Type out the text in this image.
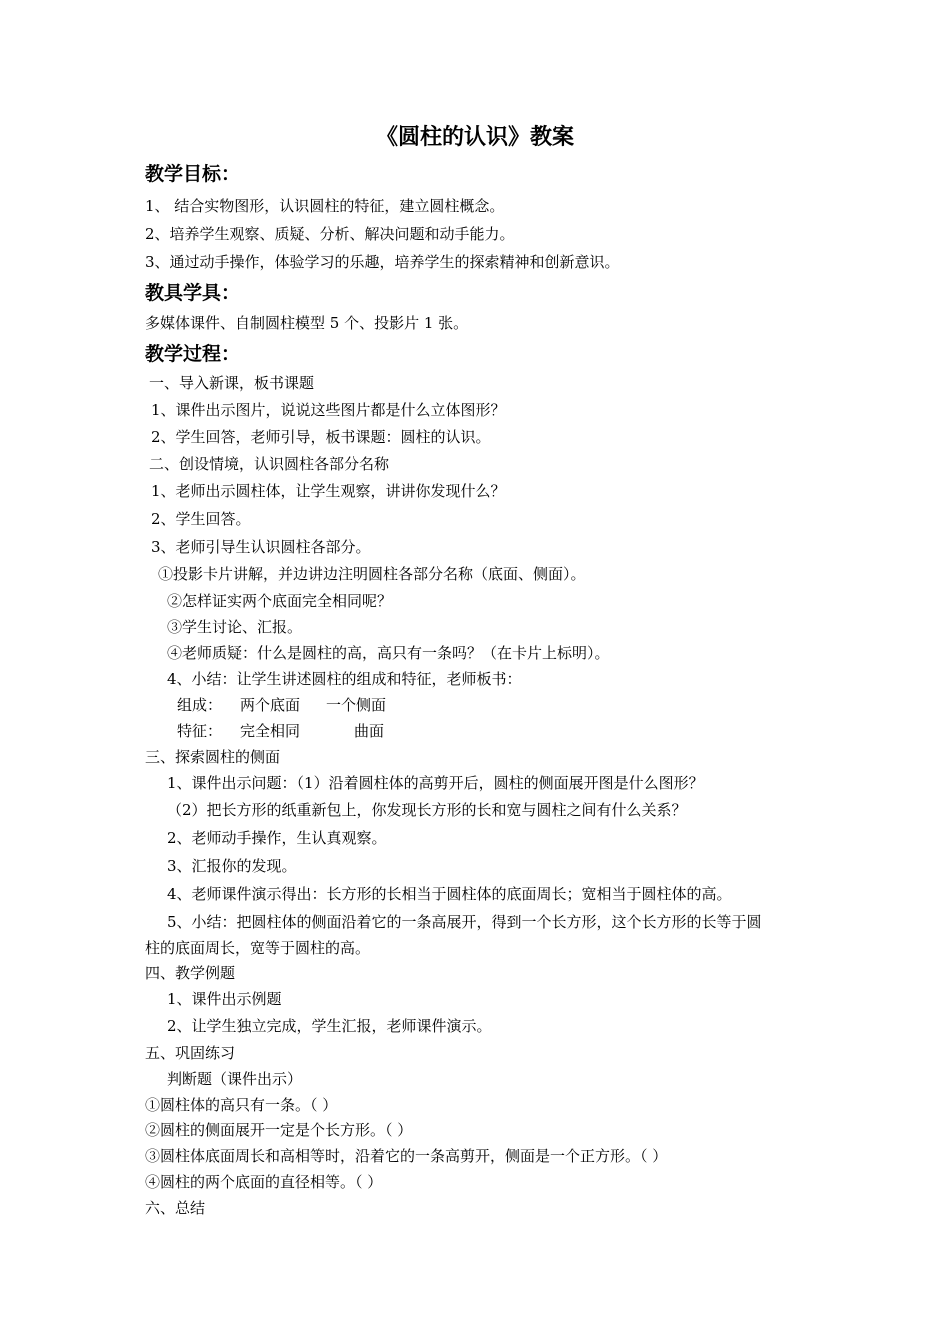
《圆柱的认识》教案
教学目标：
1、 结合实物图形，认识圆柱的特征，建立圆柱概念。
2、培养学生观察、质疑、分析、解决问题和动手能力。
3、通过动手操作，体验学习的乐趣，培养学生的探索精神和创新意识。
教具学具：
多媒体课件、自制圆柱模型 5 个、投影片 1 张。
教学过程：
一、导入新课，板书课题
1、课件出示图片，说说这些图片都是什么立体图形？
2、学生回答，老师引导，板书课题：圆柱的认识。
二、创设情境，认识圆柱各部分名称
1、老师出示圆柱体，让学生观察，讲讲你发现什么？
2、学生回答。
3、老师引导生认识圆柱各部分。
①投影卡片讲解，并边讲边注明圆柱各部分名称（底面、侧面）。
②怎样证实两个底面完全相同呢？
③学生讨论、汇报。
④老师质疑：什么是圆柱的高，高只有一条吗？（在卡片上标明）。
4、小结：让学生讲述圆柱的组成和特征，老师板书：
组成： 两个底面 一个侧面
特征： 完全相同	曲面
三、探索圆柱的侧面
1、课件出示问题：（1）沿着圆柱体的高剪开后，圆柱的侧面展开图是什么图形？
（2）把长方形的纸重新包上，你发现长方形的长和宽与圆柱之间有什么关系？
2、老师动手操作，生认真观察。
3、汇报你的发现。
4、老师课件演示得出：长方形的长相当于圆柱体的底面周长；宽相当于圆柱体的高。
5、小结：把圆柱体的侧面沿着它的一条高展开，得到一个长方形，这个长方形的长等于圆
柱的底面周长，宽等于圆柱的高。
四、教学例题
1、课件出示例题
2、让学生独立完成，学生汇报，老师课件演示。
五、巩固练习
判断题（课件出示）
①圆柱体的高只有一条。（ ）
②圆柱的侧面展开一定是个长方形。（ ）
③圆柱体底面周长和高相等时，沿着它的一条高剪开，侧面是一个正方形。（ ）
④圆柱的两个底面的直径相等。（ ）
六、总结
